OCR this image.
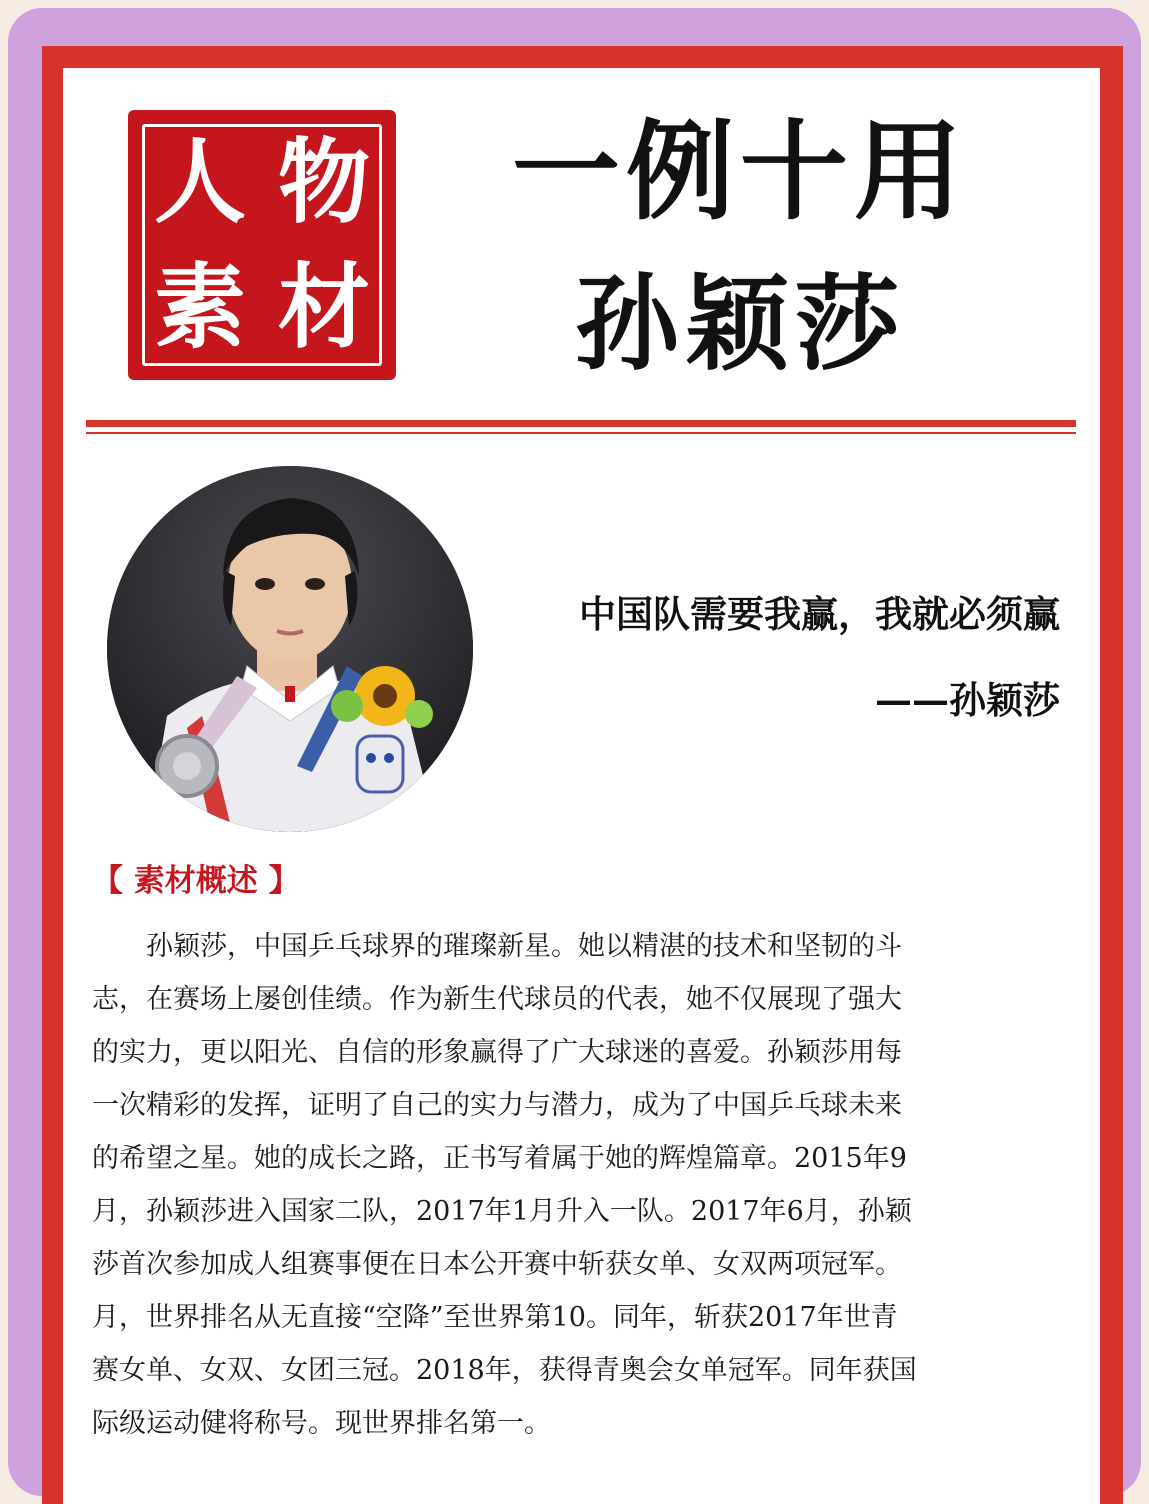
人 物
素 材
一例十用
孙颖莎
中国队需要我赢，我就必须赢
——孙颖莎
【 素材概述 】
　　孙颖莎，中国乒乓球界的璀璨新星。她以精湛的技术和坚韧的斗
志，在赛场上屡创佳绩。作为新生代球员的代表，她不仅展现了强大
的实力，更以阳光、自信的形象赢得了广大球迷的喜爱。孙颖莎用每
一次精彩的发挥，证明了自己的实力与潜力，成为了中国乒乓球未来
的希望之星。她的成长之路，正书写着属于她的辉煌篇章。2015年9
月，孙颖莎进入国家二队，2017年1月升入一队。2017年6月，孙颖
莎首次参加成人组赛事便在日本公开赛中斩获女单、女双两项冠军。
月，世界排名从无直接“空降”至世界第10。同年，斩获2017年世青
赛女单、女双、女团三冠。2018年，获得青奥会女单冠军。同年获国
际级运动健将称号。现世界排名第一。
